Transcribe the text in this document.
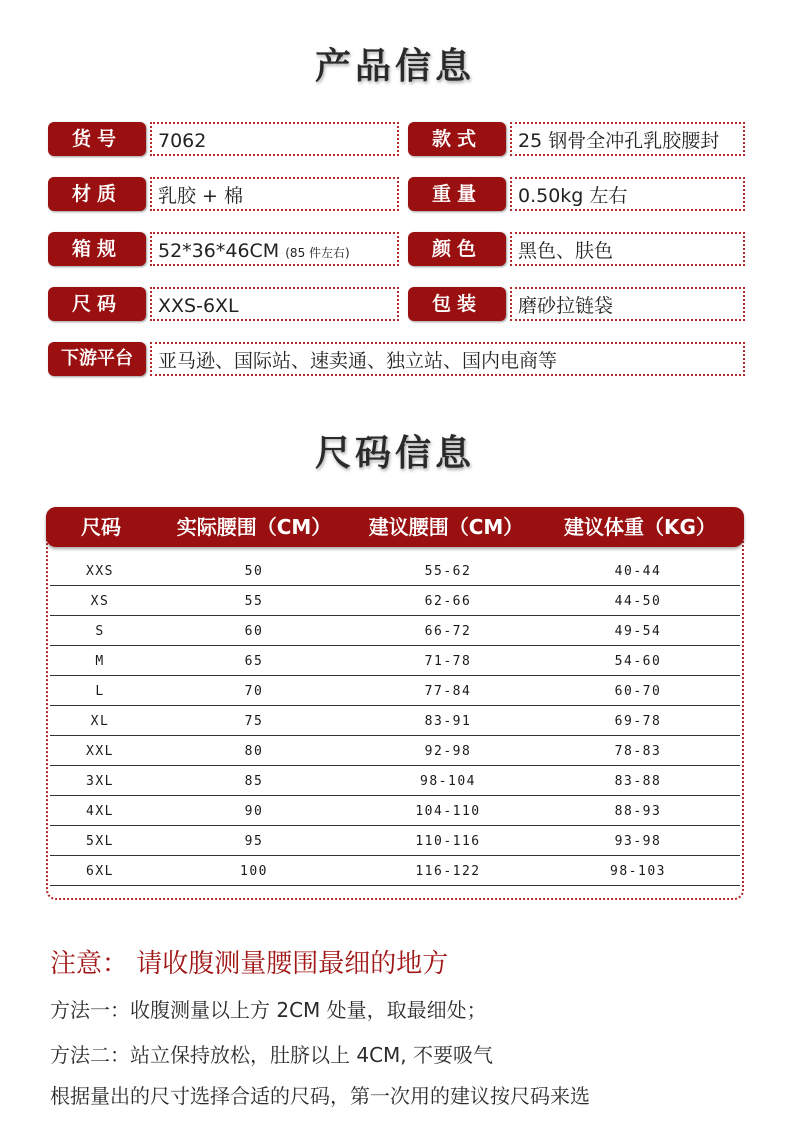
产品信息
货号	7062	款式	25 钢骨全冲孔乳胶腰封
材质	乳胶 + 棉	重量	0.50kg 左右
箱规	52*36*46CM (85 件左右)	颜色	黑色、肤色
尺码	XXS-6XL	包装	磨砂拉链袋
下游平台	亚马逊、国际站、速卖通、独立站、国内电商等
尺码信息
尺码	实际腰围（CM）	建议腰围（CM）	建议体重（KG）
XXS	50	55-62	40-44
XS	55	62-66	44-50
S	60	66-72	49-54
M	65	71-78	54-60
L	70	77-84	60-70
XL	75	83-91	69-78
XXL	80	92-98	78-83
3XL	85	98-104	83-88
4XL	90	104-110	88-93
5XL	95	110-116	93-98
6XL	100	116-122	98-103
注意： 请收腹测量腰围最细的地方
方法一：收腹测量以上方 2CM 处量，取最细处；
方法二：站立保持放松，肚脐以上 4CM, 不要吸气
根据量出的尺寸选择合适的尺码，第一次用的建议按尺码来选
